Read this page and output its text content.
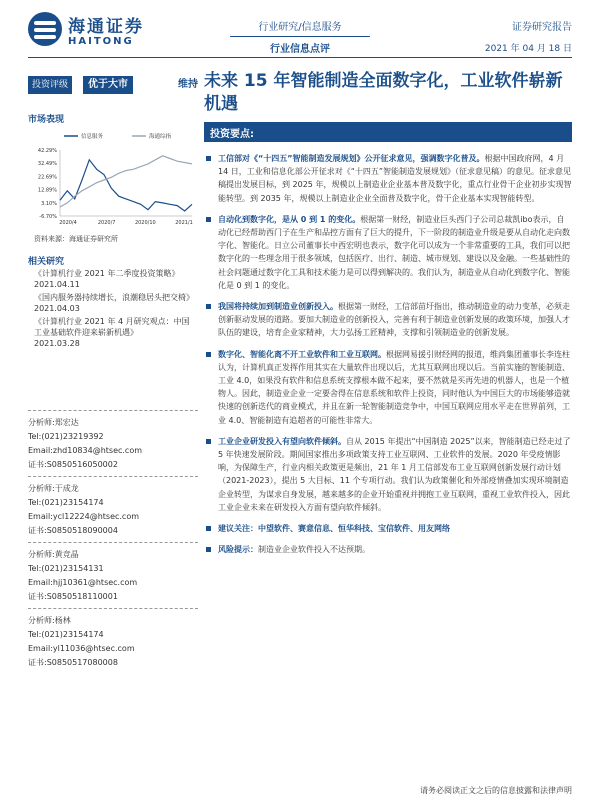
海通证券
HAITONG
行业研究/信息服务
行业信息点评
证券研究报告
2021 年 04 月 18 日
投资评级	优于大市	维持
市场表现
信息服务	海通综指
42.29%
32.49%
22.69%
12.89%
3.10%
-6.70%
2020/4	2020/7	2020/10	2021/1
资料来源：海通证券研究所
相关研究
《计算机行业 2021 年二季度投资策略》
2021.04.11
《国内服务器持续增长，浪潮稳居头把交椅》
2021.04.03
《计算机行业 2021 年 4 月研究观点：中国工业基础软件迎来崭新机遇》
2021.03.28
分析师:郑宏达
Tel:(021)23219392
Email:zhd10834@htsec.com
证书:S0850516050002
分析师:于成龙
Tel:(021)23154174
Email:ycl12224@htsec.com
证书:S0850518090004
分析师:黄竞晶
Tel:(021)23154131
Email:hjj10361@htsec.com
证书:S0850518110001
分析师:杨林
Tel:(021)23154174
Email:yl11036@htsec.com
证书:S0850517080008
未来 15 年智能制造全面数字化，工业软件崭新机遇
投资要点:
工信部对《“十四五”智能制造发展规划》公开征求意见，强调数字化普及。根据中国政府网，4 月 14 日，工业和信息化部公开征求对《“十四五”智能制造发展规划》（征求意见稿）的意见。征求意见稿提出发展目标，到 2025 年，规模以上制造业企业基本普及数字化，重点行业骨干企业初步实现智能转型。到 2035 年，规模以上制造业企业全面普及数字化，骨干企业基本实现智能转型。
自动化到数字化，是从 0 到 1 的变化。根据第一财经，制造业巨头西门子公司总裁凯ibo表示，自动化已经帮助西门子在生产和品控方面有了巨大的提升，下一阶段的制造业升级是要从自动化走向数字化、智能化。日立公司董事长中西宏明也表示，数字化可以成为一个非常重要的工具，我们可以把数字化的一些理念用于很多领域，包括医疗、出行、制造、城市规划、建设以及金融。一些基础性的社会问题通过数字化工具和技术能力是可以得到解决的。我们认为，制造业从自动化到数字化、智能化是 0 到 1 的变化。
我国将持续加到制造业创新投入。根据第一财经，工信部苗圩指出，推动制造业的动力变革，必须走创新驱动发展的道路。要加大制造业的创新投入，完善有利于制造业创新发展的政策环境，加强人才队伍的建设，培育企业家精神，大力弘扬工匠精神，支撑和引领制造业的创新发展。
数字化、智能化离不开工业软件和工业互联网。根据网易援引财经网的报道，维尚集团董事长李连柱认为，计算机真正发挥作用其实在大量软件出现以后，尤其互联网出现以后。当前实施的智能制造、工业 4.0，如果没有软件和信息系统支撑根本做不起来，要不然就是买再先进的机器人，也是一个植物人。因此，制造业企业一定要舍得在信息系统和软件上投资，同时他认为中国巨大的市场能够造就快速的创新迭代的商业模式，并且在新一轮智能制造竞争中，中国互联网应用水平走在世界前列，工业 4.0、智能制造有追超者的可能性非常大。
工业企业研发投入有望向软件倾斜。自从 2015 年提出“中国制造 2025”以来，智能制造已经走过了 5 年快速发展阶段。期间国家推出多项政策支持工业互联网、工业软件的发展。2020 年受疫情影响，为保障生产，行业内相关政策更是频出，21 年 1 月工信部发布工业互联网创新发展行动计划（2021-2023），提出 5 大目标、11 个专项行动。我们认为政策催化和外部疫情叠加实现环境制造企业转型，为谋求自身发展，越来越多的企业开始重视并拥抱工业互联网，重视工业软件投入，因此工业企业未来在研发投入方面有望向软件倾斜。
建议关注：中望软件、赛意信息、恒华科技、宝信软件、用友网络
风险提示：制造业企业软件投入不达预期。
请务必阅读正文之后的信息披露和法律声明
